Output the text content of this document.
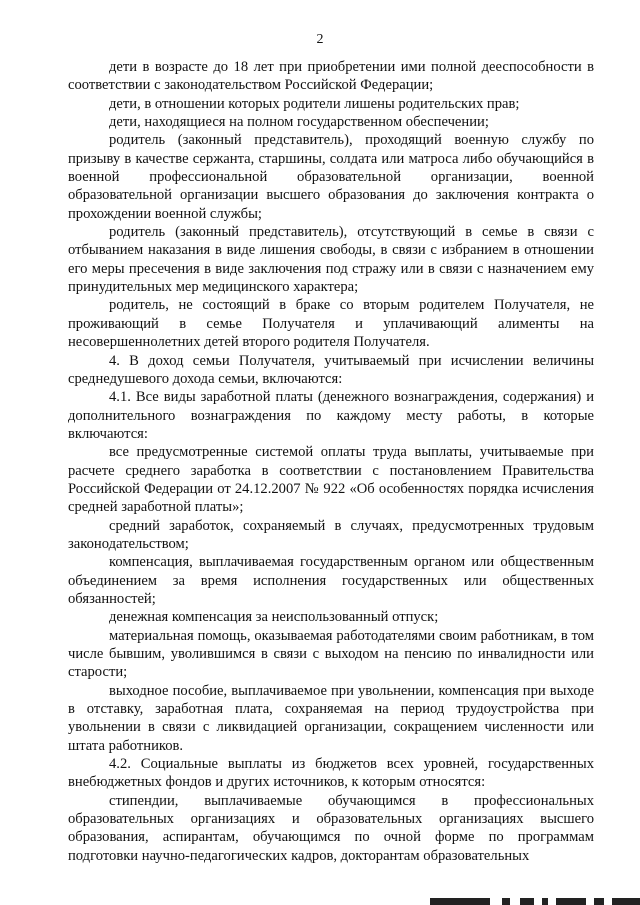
2

дети в возрасте до 18 лет при приобретении ими полной дееспособности в соответствии с законодательством Российской Федерации;

дети, в отношении которых родители лишены родительских прав;

дети, находящиеся на полном государственном обеспечении;

родитель (законный представитель), проходящий военную службу по призыву в качестве сержанта, старшины, солдата или матроса либо обучающийся в военной профессиональной образовательной организации, военной образовательной организации высшего образования до заключения контракта о прохождении военной службы;

родитель (законный представитель), отсутствующий в семье в связи с отбыванием наказания в виде лишения свободы, в связи с избранием в отношении его меры пресечения в виде заключения под стражу или в связи с назначением ему принудительных мер медицинского характера;

родитель, не состоящий в браке со вторым родителем Получателя, не проживающий в семье Получателя и уплачивающий алименты на несовершеннолетних детей второго родителя Получателя.

4. В доход семьи Получателя, учитываемый при исчислении величины среднедушевого дохода семьи, включаются:

4.1. Все виды заработной платы (денежного вознаграждения, содержания) и дополнительного вознаграждения по каждому месту работы, в которые включаются:

все предусмотренные системой оплаты труда выплаты, учитываемые при расчете среднего заработка в соответствии с постановлением Правительства Российской Федерации от 24.12.2007 № 922 «Об особенностях порядка исчисления средней заработной платы»;

средний заработок, сохраняемый в случаях, предусмотренных трудовым законодательством;

компенсация, выплачиваемая государственным органом или общественным объединением за время исполнения государственных или общественных обязанностей;

денежная компенсация за неиспользованный отпуск;

материальная помощь, оказываемая работодателями своим работникам, в том числе бывшим, уволившимся в связи с выходом на пенсию по инвалидности или старости;

выходное пособие, выплачиваемое при увольнении, компенсация при выходе в отставку, заработная плата, сохраняемая на период трудоустройства при увольнении в связи с ликвидацией организации, сокращением численности или штата работников.

4.2. Социальные выплаты из бюджетов всех уровней, государственных внебюджетных фондов и других источников, к которым относятся:

стипендии, выплачиваемые обучающимся в профессиональных образовательных организациях и образовательных организациях высшего образования, аспирантам, обучающимся по очной форме по программам подготовки научно-педагогических кадров, докторантам образовательных
